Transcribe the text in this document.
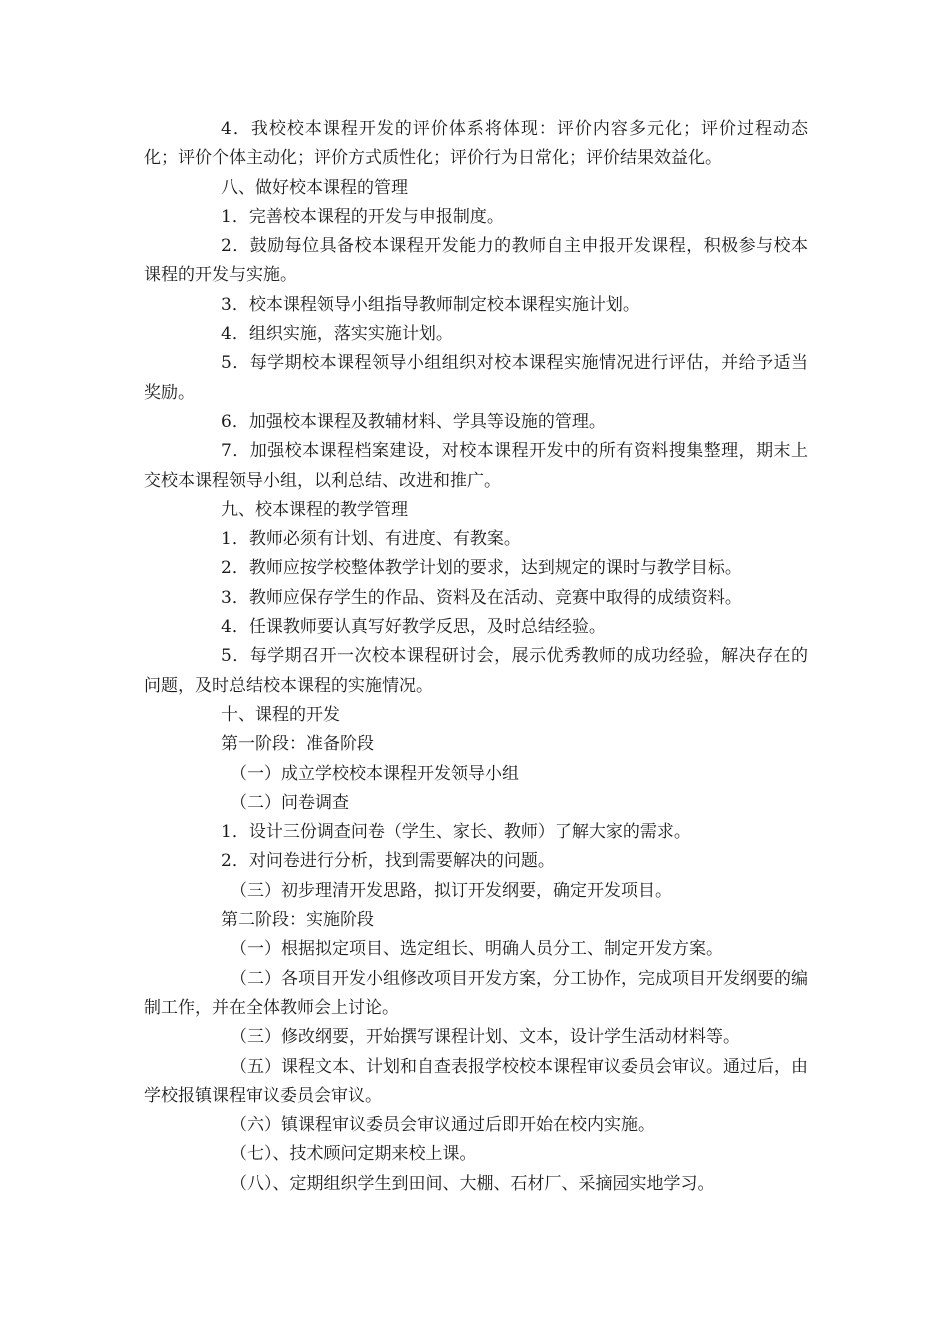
4．我校校本课程开发的评价体系将体现：评价内容多元化；评价过程动态化；评价个体主动化；评价方式质性化；评价行为日常化；评价结果效益化。

八、做好校本课程的管理

1．完善校本课程的开发与申报制度。

2．鼓励每位具备校本课程开发能力的教师自主申报开发课程，积极参与校本课程的开发与实施。

3．校本课程领导小组指导教师制定校本课程实施计划。

4．组织实施，落实实施计划。

5．每学期校本课程领导小组组织对校本课程实施情况进行评估，并给予适当奖励。

6．加强校本课程及教辅材料、学具等设施的管理。

7．加强校本课程档案建设，对校本课程开发中的所有资料搜集整理，期末上交校本课程领导小组，以利总结、改进和推广。

九、校本课程的教学管理

1．教师必须有计划、有进度、有教案。

2．教师应按学校整体教学计划的要求，达到规定的课时与教学目标。

3．教师应保存学生的作品、资料及在活动、竞赛中取得的成绩资料。

4．任课教师要认真写好教学反思，及时总结经验。

5．每学期召开一次校本课程研讨会，展示优秀教师的成功经验，解决存在的问题，及时总结校本课程的实施情况。

十、课程的开发

第一阶段：准备阶段

（一）成立学校校本课程开发领导小组

（二）问卷调查

1．设计三份调查问卷（学生、家长、教师）了解大家的需求。

2．对问卷进行分析，找到需要解决的问题。

（三）初步理清开发思路，拟订开发纲要，确定开发项目。

第二阶段：实施阶段

（一）根据拟定项目、选定组长、明确人员分工、制定开发方案。

（二）各项目开发小组修改项目开发方案，分工协作，完成项目开发纲要的编制工作，并在全体教师会上讨论。

（三）修改纲要，开始撰写课程计划、文本，设计学生活动材料等。

（五）课程文本、计划和自查表报学校校本课程审议委员会审议。通过后，由学校报镇课程审议委员会审议。

（六）镇课程审议委员会审议通过后即开始在校内实施。

（七）、技术顾问定期来校上课。

（八）、定期组织学生到田间、大棚、石材厂、采摘园实地学习。
